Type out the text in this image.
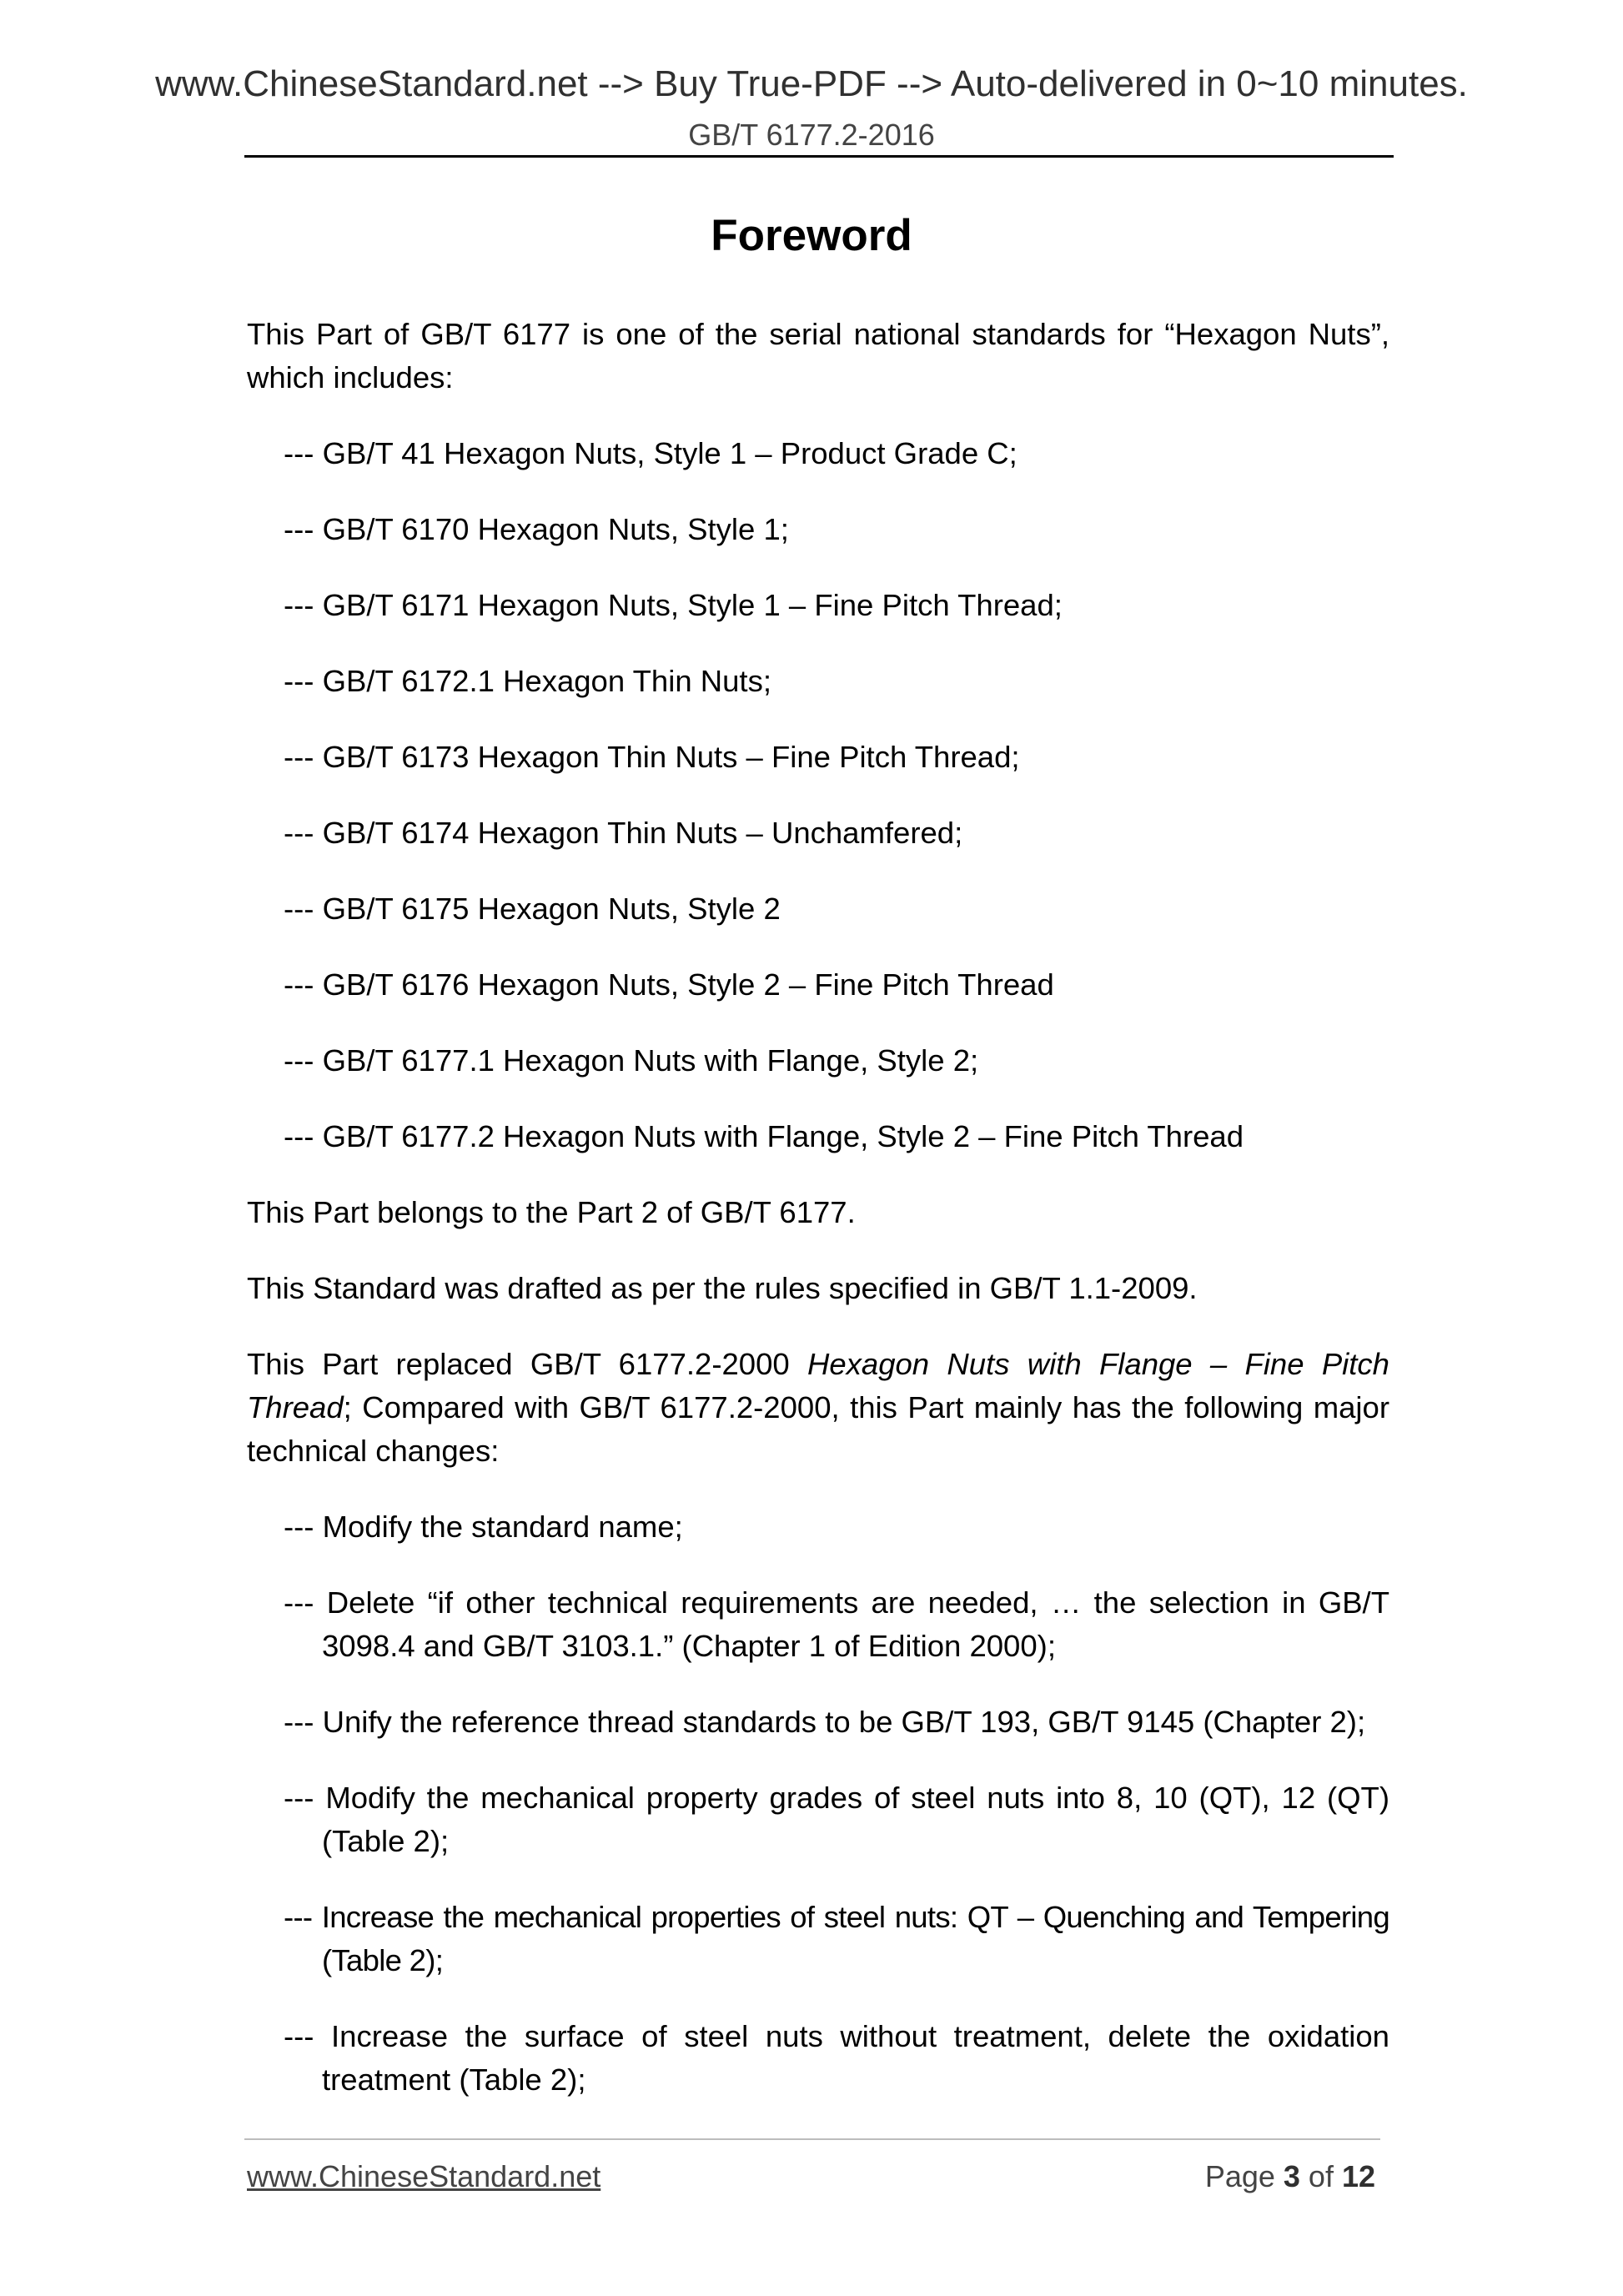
www.ChineseStandard.net --> Buy True-PDF --> Auto-delivered in 0~10 minutes.
GB/T 6177.2-2016
Foreword

This Part of GB/T 6177 is one of the serial national standards for “Hexagon Nuts”, which includes:

--- GB/T 41 Hexagon Nuts, Style 1 – Product Grade C;

--- GB/T 6170 Hexagon Nuts, Style 1;

--- GB/T 6171 Hexagon Nuts, Style 1 – Fine Pitch Thread;

--- GB/T 6172.1 Hexagon Thin Nuts;

--- GB/T 6173 Hexagon Thin Nuts – Fine Pitch Thread;

--- GB/T 6174 Hexagon Thin Nuts – Unchamfered;

--- GB/T 6175 Hexagon Nuts, Style 2

--- GB/T 6176 Hexagon Nuts, Style 2 – Fine Pitch Thread

--- GB/T 6177.1 Hexagon Nuts with Flange, Style 2;

--- GB/T 6177.2 Hexagon Nuts with Flange, Style 2 – Fine Pitch Thread

This Part belongs to the Part 2 of GB/T 6177.

This Standard was drafted as per the rules specified in GB/T 1.1-2009.

This Part replaced GB/T 6177.2-2000 Hexagon Nuts with Flange – Fine Pitch Thread; Compared with GB/T 6177.2-2000, this Part mainly has the following major technical changes:

--- Modify the standard name;

--- Delete “if other technical requirements are needed, … the selection in GB/T 3098.4 and GB/T 3103.1.” (Chapter 1 of Edition 2000);

--- Unify the reference thread standards to be GB/T 193, GB/T 9145 (Chapter 2);

--- Modify the mechanical property grades of steel nuts into 8, 10 (QT), 12 (QT) (Table 2);

--- Increase the mechanical properties of steel nuts: QT – Quenching and Tempering (Table 2);

--- Increase the surface of steel nuts without treatment, delete the oxidation treatment (Table 2);

www.ChineseStandard.net	Page 3 of 12
